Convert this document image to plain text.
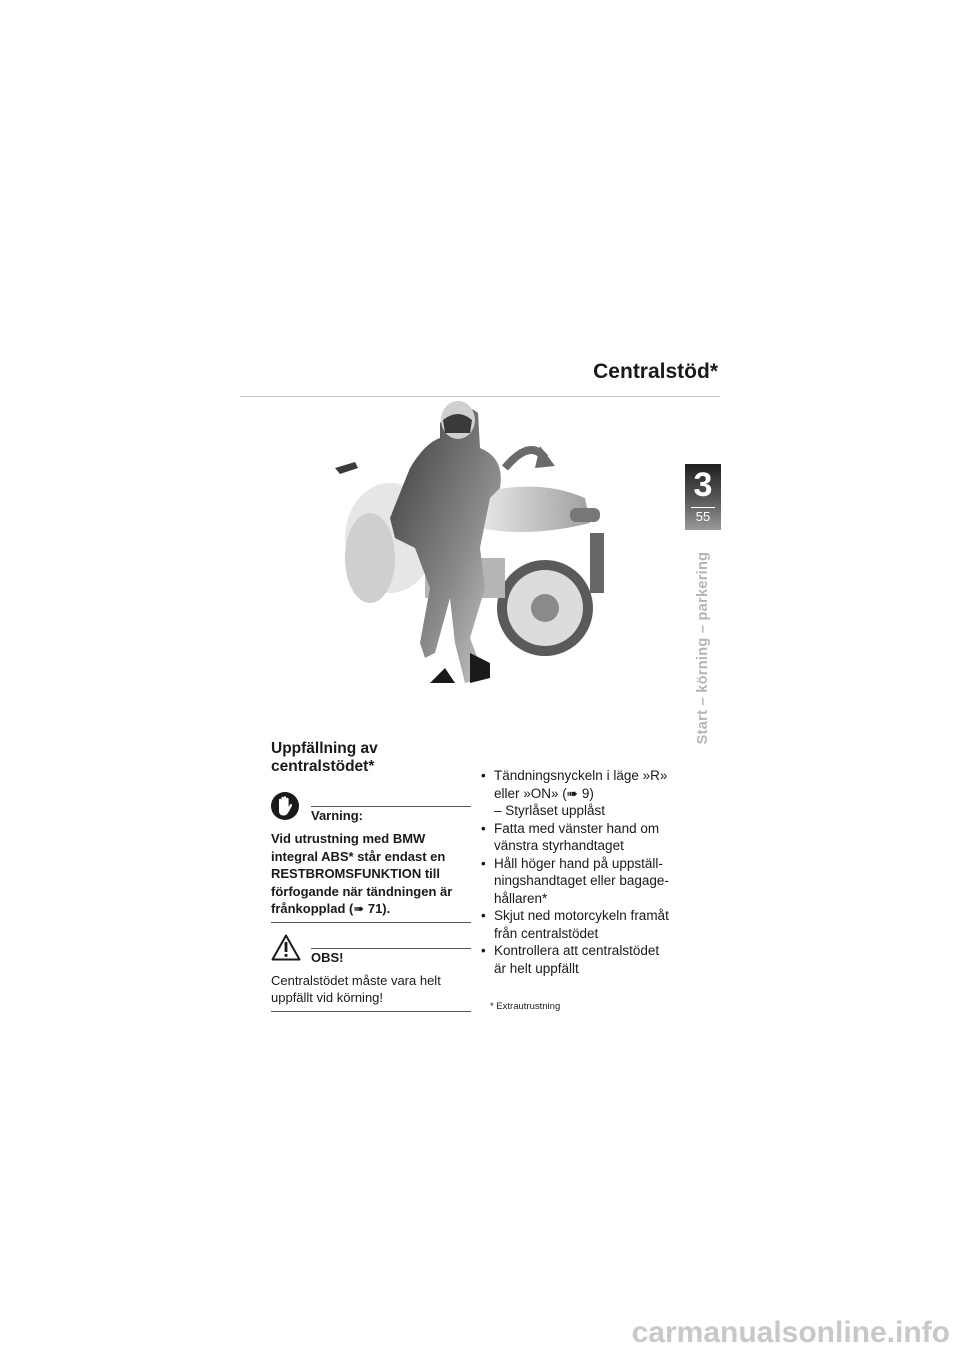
Centralstöd*
3
55
Start – körning – parkering
Uppfällning av
centralstödet*
Varning:
Vid utrustning med BMW
integral ABS* står endast en
RESTBROMSFUNKTION till
förfogande när tändningen är
frånkopplad (➠ 71).
OBS!
Centralstödet måste vara helt
uppfällt vid körning!
• Tändningsnyckeln i läge »R»
eller »ON» (➠ 9)
– Styrlåset upplåst
• Fatta med vänster hand om
vänstra styrhandtaget
• Håll höger hand på uppställ-
ningshandtaget eller bagage-
hållaren*
• Skjut ned motorcykeln framåt
från centralstödet
• Kontrollera att centralstödet
är helt uppfällt
* Extrautrustning
carmanualsonline.info
